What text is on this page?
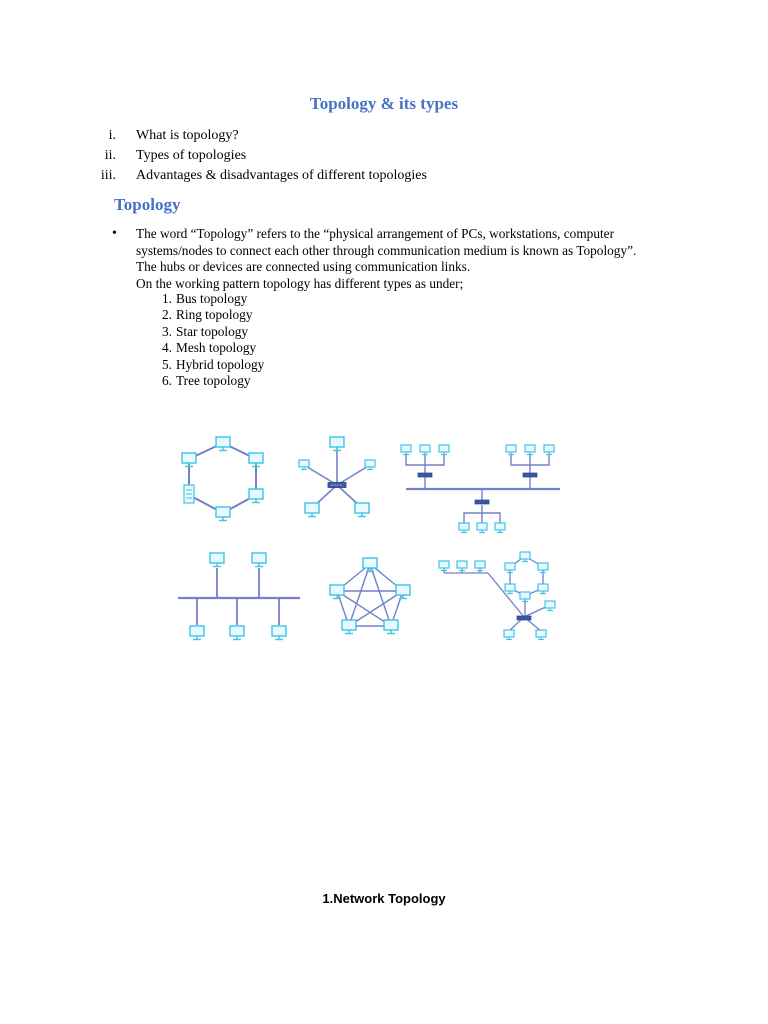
Topology & its types
i. What is topology?
ii. Types of topologies
iii. Advantages & disadvantages of different topologies
Topology
• The word “Topology” refers to the “physical arrangement of PCs, workstations, computer systems/nodes to connect each other through communication medium is known as Topology”.

The hubs or devices are connected using communication links.

On the working pattern topology has different types as under;

1. Bus topology
2. Ring topology
3. Star topology
4. Mesh topology
5. Hybrid topology
6. Tree topology
1.Network Topology
